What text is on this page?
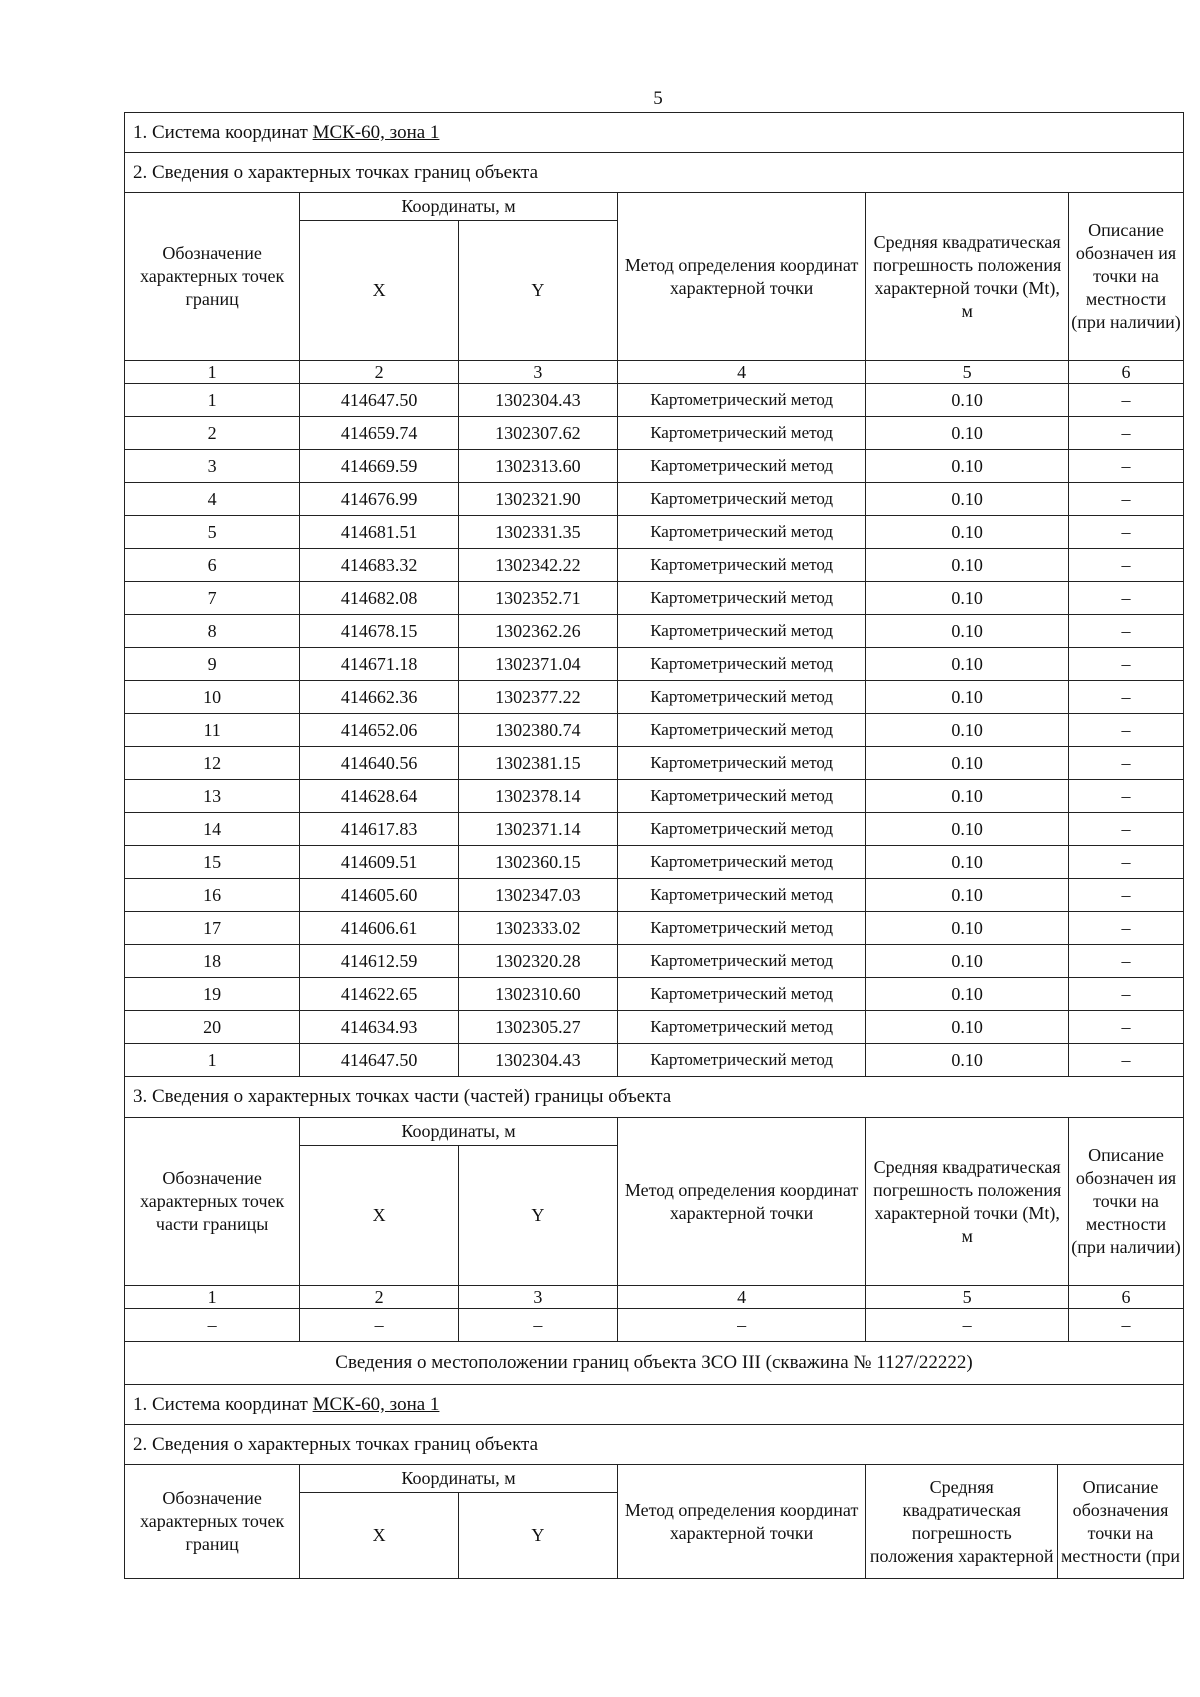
5
1. Система координат МСК-60, зона 1
2. Сведения о характерных точках границ объекта
Обозначение характерных точек границ	Координаты, м		Метод определения координат характерной точки	Средняя квадратическая погрешность положения характерной точки (Mt), м	Описание обозначен ия точки на местности (при наличии)
	X	Y			
1	2	3	4	5	6
1	414647.50	1302304.43	Картометрический метод	0.10	–
2	414659.74	1302307.62	Картометрический метод	0.10	–
3	414669.59	1302313.60	Картометрический метод	0.10	–
4	414676.99	1302321.90	Картометрический метод	0.10	–
5	414681.51	1302331.35	Картометрический метод	0.10	–
6	414683.32	1302342.22	Картометрический метод	0.10	–
7	414682.08	1302352.71	Картометрический метод	0.10	–
8	414678.15	1302362.26	Картометрический метод	0.10	–
9	414671.18	1302371.04	Картометрический метод	0.10	–
10	414662.36	1302377.22	Картометрический метод	0.10	–
11	414652.06	1302380.74	Картометрический метод	0.10	–
12	414640.56	1302381.15	Картометрический метод	0.10	–
13	414628.64	1302378.14	Картометрический метод	0.10	–
14	414617.83	1302371.14	Картометрический метод	0.10	–
15	414609.51	1302360.15	Картометрический метод	0.10	–
16	414605.60	1302347.03	Картометрический метод	0.10	–
17	414606.61	1302333.02	Картометрический метод	0.10	–
18	414612.59	1302320.28	Картометрический метод	0.10	–
19	414622.65	1302310.60	Картометрический метод	0.10	–
20	414634.93	1302305.27	Картометрический метод	0.10	–
1	414647.50	1302304.43	Картометрический метод	0.10	–
3. Сведения о характерных точках части (частей) границы объекта
Обозначение характерных точек части границы	Координаты, м		Метод определения координат характерной точки	Средняя квадратическая погрешность положения характерной точки (Mt), м	Описание обозначен ия точки на местности (при наличии)
	X	Y			
1	2	3	4	5	6
–	–	–	–	–	–
Сведения о местоположении границ объекта ЗСО III (скважина № 1127/22222)
1. Система координат МСК-60, зона 1
2. Сведения о характерных точках границ объекта
Обозначение характерных точек границ	Координаты, м		Метод определения координат характерной точки	Средняя квадратическая погрешность положения характерной	Описание обозначения точки на местности (при
	X	Y			
